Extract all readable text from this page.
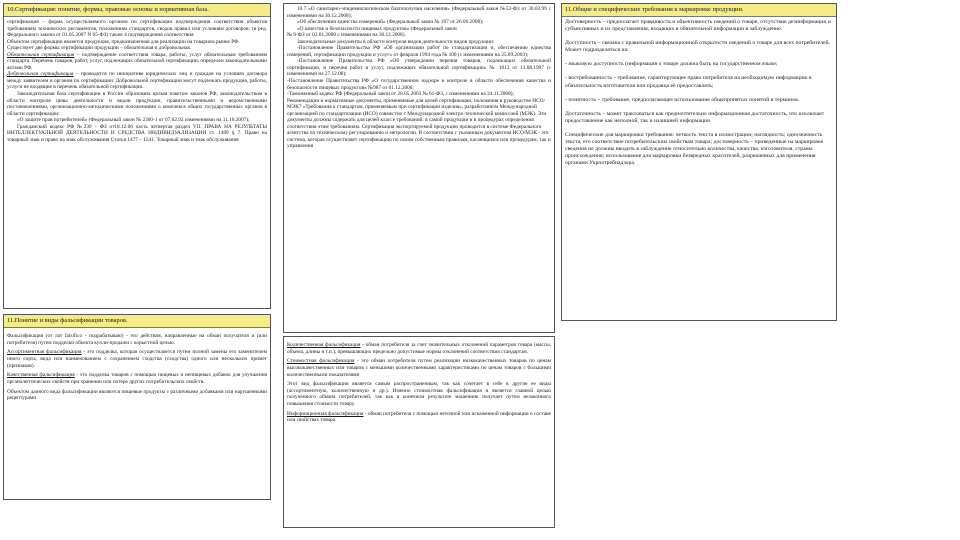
10.Сертификация: понятие, формы, правовые основы и нормативная база.

сертификация – форма осуществляемого органом по сертификации подтверждения соответствия объектов требованиям технических регламентов, положениям стандартов, сводов правил или условиям договоров; (в ред. Федерального закона от 01.05.2007 N 65-ФЗ) также 4 подтверждения соответствия

Объектом сертификации является продукция, предназначенная для реализации на товарном рынке РФ.

Существует две формы сертификации продукции – обязательная и добровольная.

Обязательная сертификация – подтверждение соответствия товара, работы, услуг обязательным требованиям стандарта. Перечень товаров, работ, услуг, подлежащих обязательной сертификации, определен законодательными актами РФ.

Добровольная сертификация – проводится по инициативе юридических лиц и граждан на условиях договора между заявителем и органом по сертификации. Добровольной сертификации могут подлежать продукция, работы, услуги не входящие в перечень обязательной сертификации.

Законодательная база сертификации в России образована целым пакетом законов РФ, законодательством в области контроля цены деятельности и видов продукции, правительственными и ведомственными постановлениями, организационно-методическими положениями о комплексе общих государственных органов в области сертификации:

«О защите прав потребителей» (Федеральный закон № 2300-1 от 07.02.92 изменениями на 11.10.2007);

Гражданский кодекс РФ №230 – ФЗ от18.12.06 часть четвертая раздел VII. ПРАВА НА РЕЗУЛЬТАТЫ ИНТЕЛЛЕКТУАЛЬНОЙ ДЕЯТЕЛЬНОСТИ И СРЕДСТВА ИНДИВИДУАЛИЗАЦИИ ст. 1489 § 7. Право на товарный знак и право на знак обслуживания Статья 1477 – 1541. Товарный знак и знак обслуживания

11.Понятие и виды фальсификации товаров.

Фальсификация (от лат falsifico - подрабатываю) - это действия, направленные на обман получателя и (или потребителя) путем подделки объекта купли-продажи с корыстной целью.

Ассортиментная фальсификация - это подделка, которая осуществляется путем полной замены его заменителем иного сорта, вида или наименованием с сохранением сходства (сходства) одного или нескольких примет (признаков).

Качественная фальсификация - это подделка товаров с помощью пищевых и непищевых добавок для улучшения органолептических свойств при хранении или потере других потребительских свойств.

Объектом данного вида фальсификации являются пищевые продукты с различными добавками или нарушенными рецептурами

10.7 «О санитарно-эпидемиологическом благополучии населения» (Федеральный закон №52-ФЗ от 30.03.99 с изменениями на 30.12.2008);

«Об обеспечении единства измерений» (Федеральный закон № 107 от 26.06.2008);

«О качестве и безопасности пищевых продуктов» (Федеральный закон

№ 9-ФЗ от 02.01.2000 с изменениями на 30.12.2008).

Законодательные документы в области контроля видов деятельности видов продукции:

-Постановление Правительства РФ «Об организации работ по стандартизации и, обеспечению единства измерений, сертификации продукции и услуг» от февраля 1994 года № 100 (с изменениями на 25.09.2003);

-Постановление Правительства РФ «Об утверждении перечня товаров, подлежащих обязательной сертификации, и перечня работ и услуг, подлежащих обязательной сертификации» № 1013 от 13.08.1997 (с изменениями на 27.12.08);

-Постановление Правительства РФ «О государственном надзоре и контроле в области обеспечения качества и безопасности пищевых продуктов» №987 от 01.12.2000;

-Таможенный кодекс РФ (Федеральный закон от 28.05.2003 № 61-ФЗ, с изменениями на 24.11.2008);

Рекомендации и нормативные документы, применяемые для целей сертификации, положения в руководстве ИСО/МЭК7 «Требования к стандартам, применяемым при сертификации изделия», разработанном Международной организацией по стандартизации (ИСО) совместно с Международной электро-технической комиссией (МЭК). Эти документы должны содержать для целей классе требований: в самой продукции и в процедурах определения соответствия этим требованиям. Сертификация экспортируемой продукции проводится в системе Федерального агентства по техническому регулированию и метрологии. В соответствии с указанным документом ИСО/МЭК - это система, которая осуществляет сертификацию по своим собственным правилам, касающимся или процедурам, так и управления

Количественная фальсификация - обман потребителя за счет значительных отклонений параметров товара (массы, объема, длины и т.п.), превышающих предельно допустимые нормы отклонений соответствия стандартам.

Стоимостная фальсификация - это обман потребителя путем реализации низкокачественных товаров по ценам высококачественных или товаров с меньшими количественными характеристиками по ценам товаров с большими количественными показателями

Этот вид фальсификации является самым распространенным, так как сочетает в себе в другие ее виды (ассортиментную, количественную и др.). Именно стоимостная фальсификация и является главной целью полученного обмана потребителей, так как в конечном результате мошенник получает путем незаконного повышения стоимости товару.

Информационная фальсификация - обман потребителя с помощью неточной или искаженной информации о составе или свойствах товара.

11.Общие и специфические требования к маркировке продукции.

Достоверность – предполагает правдивость и объективность сведений о товаре, отсутствие дезинформации и субъективных и их представления, входящих в обязательной информации в заблуждение.

Доступность – связана с правильной информационной открытости сведений о товаре для всех потребителей. Может подразделяться на:

- языковую доступность (информация о товаре должна быть на государственном языке;

- востребованность – требование, гарантирующее право потребителя на необходимую информацию в обязательность изготовителя или продавца её предоставлять;

- понятность – требование, предполагающее использование общепринятых понятий в терминов.

Достаточность – может трактоваться как предпочтительно информационная достаточность, что исключает предоставление как неполной, так и излишней информации

Специфические для маркировки требования: четкость текста в иллюстрации; наглядность; однозначность текста, его соответствие потребительским свойствам товара; достоверность – приведенные на маркировке сведения не должны вводить в заблуждение относительно количества, качества, изготовителя, страны происхождения; использование для маркировки безвредных красителей, разрешенных для применения органами Укрпотребнадзора.
